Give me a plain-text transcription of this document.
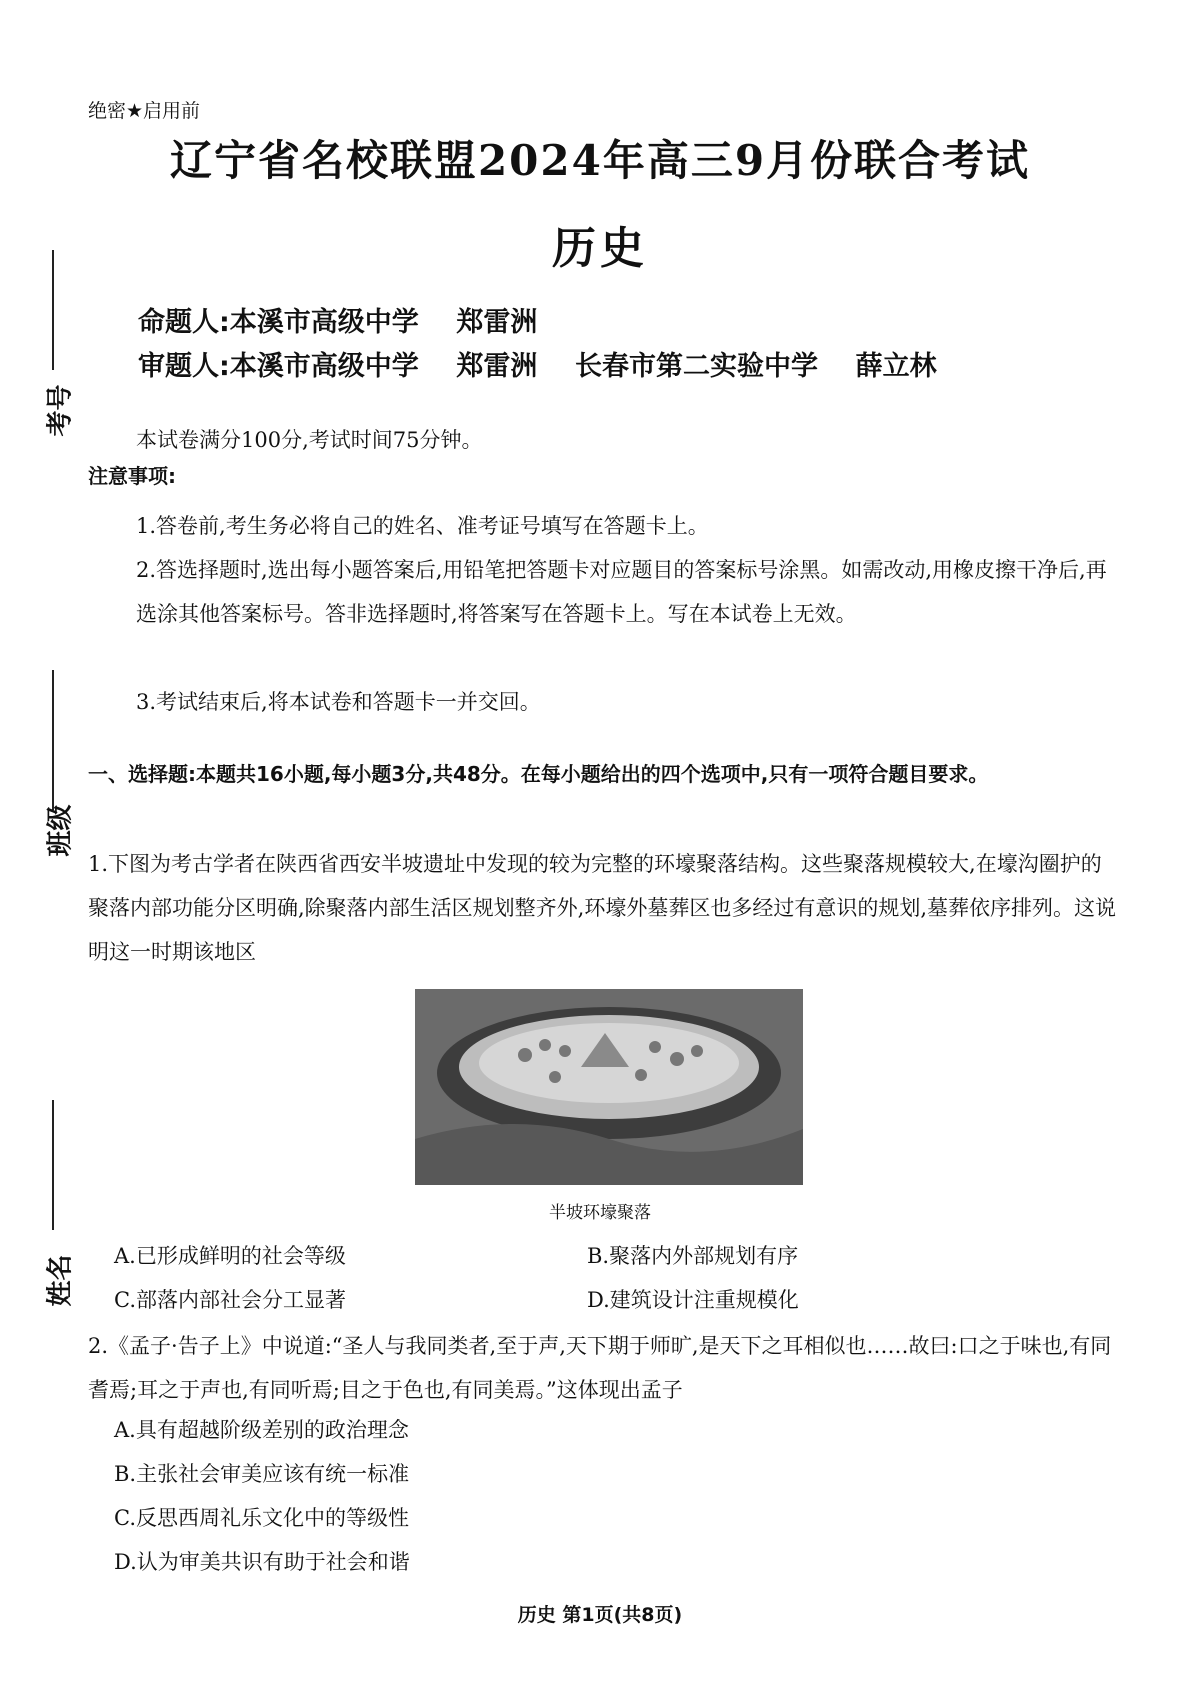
考号
班级
姓名
绝密★启用前
辽宁省名校联盟2024年高三9月份联合考试
历史
命题人:本溪市高级中学    郑雷洲
审题人:本溪市高级中学    郑雷洲    长春市第二实验中学    薛立林
本试卷满分100分,考试时间75分钟。
注意事项:
1.答卷前,考生务必将自己的姓名、准考证号填写在答题卡上。
2.答选择题时,选出每小题答案后,用铅笔把答题卡对应题目的答案标号涂黑。如需改动,用橡皮擦干净后,再选涂其他答案标号。答非选择题时,将答案写在答题卡上。写在本试卷上无效。
3.考试结束后,将本试卷和答题卡一并交回。
一、选择题:本题共16小题,每小题3分,共48分。在每小题给出的四个选项中,只有一项符合题目要求。
1.下图为考古学者在陕西省西安半坡遗址中发现的较为完整的环壕聚落结构。这些聚落规模较大,在壕沟圈护的聚落内部功能分区明确,除聚落内部生活区规划整齐外,环壕外墓葬区也多经过有意识的规划,墓葬依序排列。这说明这一时期该地区
半坡环壕聚落
A.已形成鲜明的社会等级	B.聚落内外部规划有序
C.部落内部社会分工显著	D.建筑设计注重规模化
2.《孟子·告子上》中说道:“圣人与我同类者,至于声,天下期于师旷,是天下之耳相似也……故曰:口之于味也,有同耆焉;耳之于声也,有同听焉;目之于色也,有同美焉。”这体现出孟子
A.具有超越阶级差别的政治理念
B.主张社会审美应该有统一标准
C.反思西周礼乐文化中的等级性
D.认为审美共识有助于社会和谐
历史 第1页(共8页)
